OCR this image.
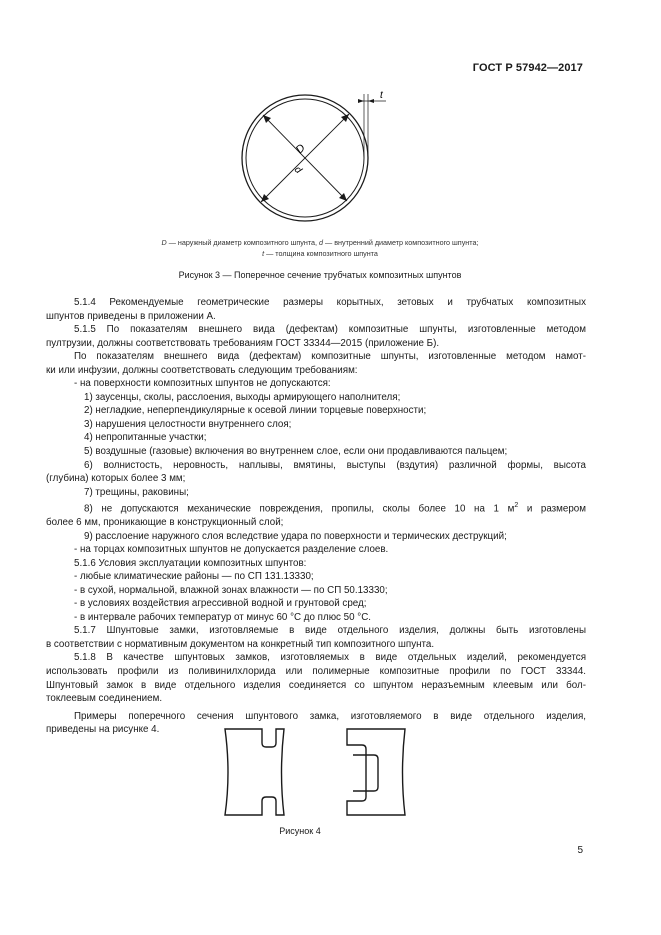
ГОСТ Р 57942—2017
D
d
t
D — наружный диаметр композитного шпунта, d — внутренний диаметр композитного шпунта;
t — толщина композитного шпунта
Рисунок 3 — Поперечное сечение трубчатых композитных шпунтов

5.1.4 Рекомендуемые геометрические размеры корытных, зетовых и трубчатых композитных

шпунтов приведены в приложении А.

5.1.5 По показателям внешнего вида (дефектам) композитные шпунты, изготовленные методом

пултрузии, должны соответствовать требованиям ГОСТ 33344—2015 (приложение Б).

По показателям внешнего вида (дефектам) композитные шпунты, изготовленные методом намот-

ки или инфузии, должны соответствовать следующим требованиям:

- на поверхности композитных шпунтов не допускаются:

1) заусенцы, сколы, расслоения, выходы армирующего наполнителя;

2) негладкие, неперпендикулярные к осевой линии торцевые поверхности;

3) нарушения целостности внутреннего слоя;

4) непропитанные участки;

5) воздушные (газовые) включения во внутреннем слое, если они продавливаются пальцем;

6) волнистость, неровность, наплывы, вмятины, выступы (вздутия) различной формы, высота

(глубина) которых более 3 мм;

7) трещины, раковины;

8) не допускаются механические повреждения, пропилы, сколы более 10 на 1 $м^2$ и размером

более 6 мм, проникающие в конструкционный слой;

9) расслоение наружного слоя вследствие удара по поверхности и термических деструкций;

- на торцах композитных шпунтов не допускается разделение слоев.

5.1.6 Условия эксплуатации композитных шпунтов:

- любые климатические районы — по СП 131.13330;

- в сухой, нормальной, влажной зонах влажности — по СП 50.13330;

- в условиях воздействия агрессивной водной и грунтовой сред;

- в интервале рабочих температур от минус 60 °С до плюс 50 °С.

5.1.7 Шпунтовые замки, изготовляемые в виде отдельного изделия, должны быть изготовлены

в соответствии с нормативным документом на конкретный тип композитного шпунта.

5.1.8 В качестве шпунтовых замков, изготовляемых в виде отдельных изделий, рекомендуется

использовать профили из поливинилхлорида или полимерные композитные профили по ГОСТ 33344.

Шпунтовый замок в виде отдельного изделия соединяется со шпунтом неразъемным клеевым или бол-

токлеевым соединением.

Примеры поперечного сечения шпунтового замка, изготовляемого в виде отдельного изделия,

приведены на рисунке 4.

Рисунок 4
5
